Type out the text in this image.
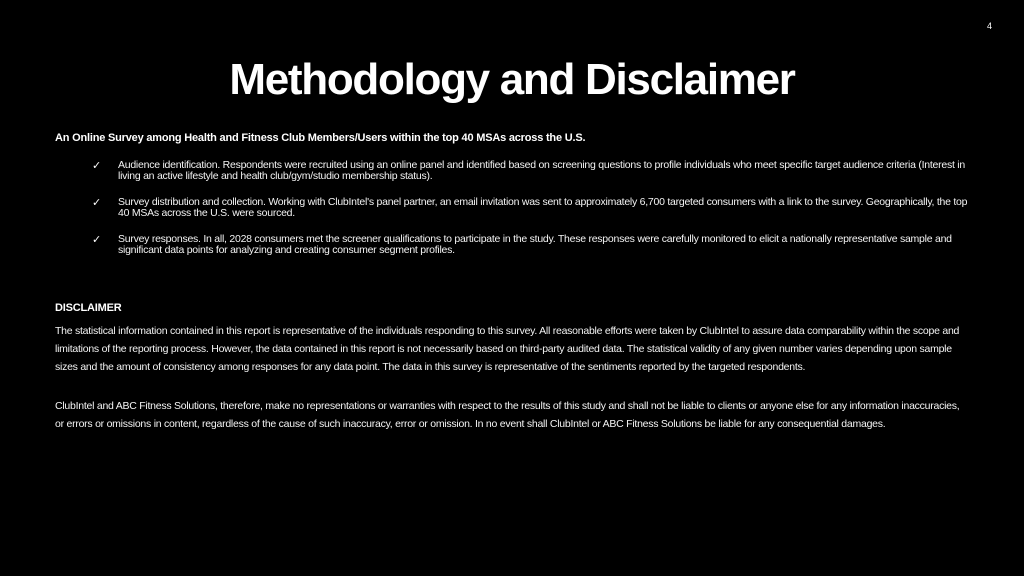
4
Methodology and Disclaimer
An Online Survey among Health and Fitness Club Members/Users within the top 40 MSAs across the U.S.
✓	Audience identification. Respondents were recruited using an online panel and identified based on screening questions to profile individuals who meet specific target audience criteria (Interest in living an active lifestyle and health club/gym/studio membership status).
✓	Survey distribution and collection. Working with ClubIntel's panel partner, an email invitation was sent to approximately 6,700 targeted consumers with a link to the survey. Geographically, the top 40 MSAs across the U.S. were sourced.
✓	Survey responses. In all, 2028 consumers met the screener qualifications to participate in the study. These responses were carefully monitored to elicit a nationally representative sample and significant data points for analyzing and creating consumer segment profiles.
DISCLAIMER

The statistical information contained in this report is representative of the individuals responding to this survey. All reasonable efforts were taken by ClubIntel to assure data comparability within the scope and limitations of the reporting process. However, the data contained in this report is not necessarily based on third-party audited data. The statistical validity of any given number varies depending upon sample sizes and the amount of consistency among responses for any data point. The data in this survey is representative of the sentiments reported by the targeted respondents.

ClubIntel and ABC Fitness Solutions, therefore, make no representations or warranties with respect to the results of this study and shall not be liable to clients or anyone else for any information inaccuracies, or errors or omissions in content, regardless of the cause of such inaccuracy, error or omission. In no event shall ClubIntel or ABC Fitness Solutions be liable for any consequential damages.
